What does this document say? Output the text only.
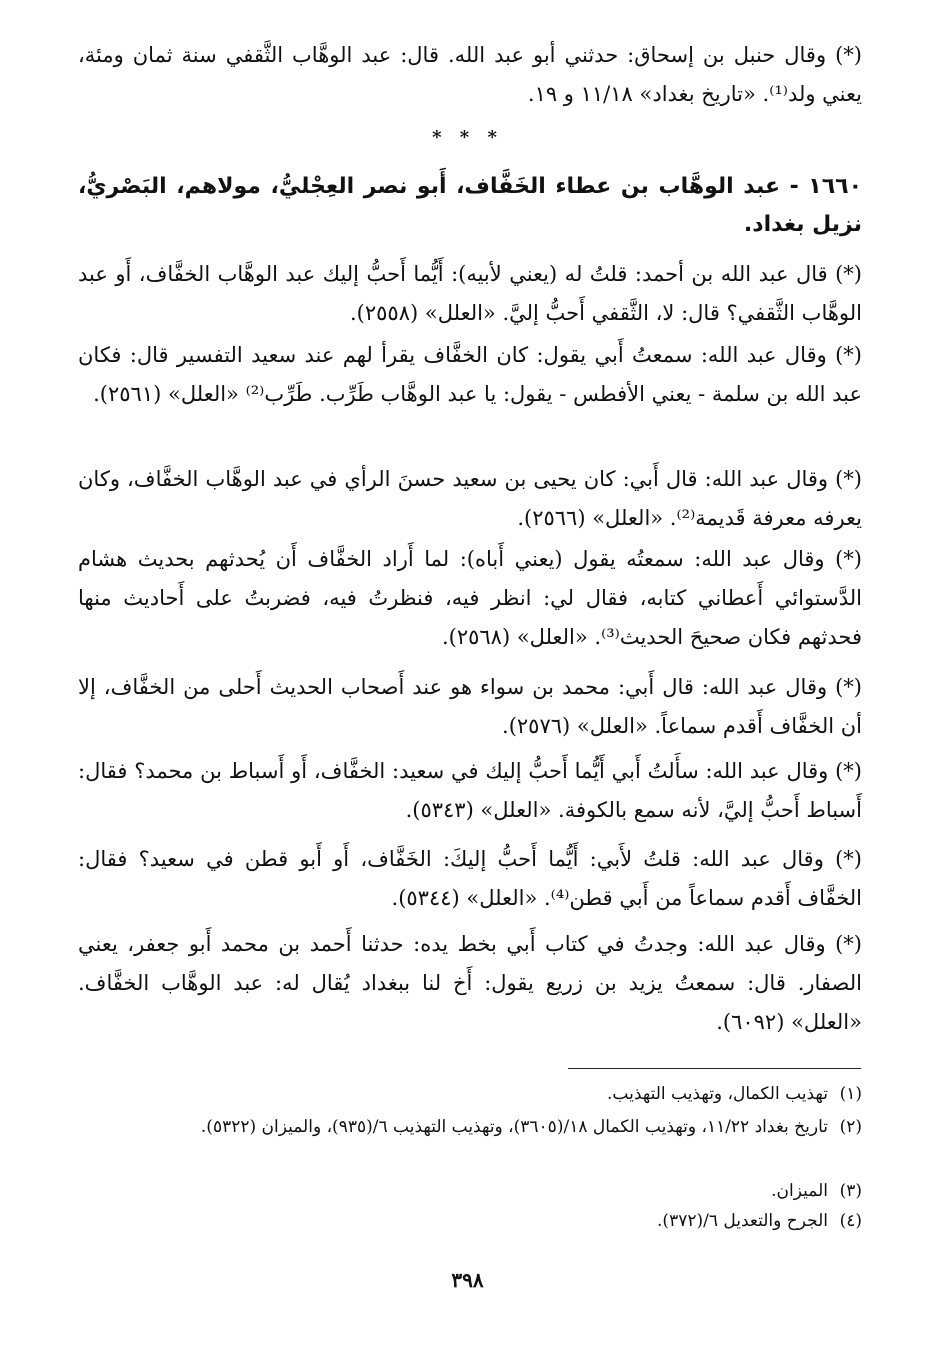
(*) وقال حنبل بن إسحاق: حدثني أبو عبد الله. قال: عبد الوهَّاب الثَّقفي سنة ثمان ومئة، يعني ولد⁽¹⁾. «تاريخ بغداد» ١١/١٨ و ١٩.
* * *
١٦٦٠ - عبد الوهَّاب بن عطاء الخَفَّاف، أَبو نصر العِجْليُّ، مولاهم، البَصْريُّ، نزيل بغداد.
(*) قال عبد الله بن أحمد: قلتُ له (يعني لأبيه): أَيُّما أَحبُّ إليك عبد الوهَّاب الخفَّاف، أَو عبد الوهَّاب الثَّقفي؟ قال: لا، الثَّقفي أَحبُّ إليَّ. «العلل» (٢٥٥٨).
(*) وقال عبد الله: سمعتُ أَبي يقول: كان الخفَّاف يقرأ لهم عند سعيد التفسير قال: فكان عبد الله بن سلمة - يعني الأفطس - يقول: يا عبد الوهَّاب طَرِّب. طَرِّب⁽²⁾ «العلل» (٢٥٦١).
(*) وقال عبد الله: قال أَبي: كان يحيى بن سعيد حسنَ الرأي في عبد الوهَّاب الخفَّاف، وكان يعرفه معرفة قَديمة⁽²⁾. «العلل» (٢٥٦٦).
(*) وقال عبد الله: سمعتُه يقول (يعني أَباه): لما أَراد الخفَّاف أَن يُحدثهم بحديث هشام الدَّستوائي أَعطاني كتابه، فقال لي: انظر فيه، فنظرتُ فيه، فضربتُ على أَحاديث منها فحدثهم فكان صحيحَ الحديث⁽³⁾. «العلل» (٢٥٦٨).
(*) وقال عبد الله: قال أَبي: محمد بن سواء هو عند أَصحاب الحديث أَحلى من الخفَّاف، إلا أن الخفَّاف أَقدم سماعاً. «العلل» (٢٥٧٦).
(*) وقال عبد الله: سأَلتُ أَبي أَيُّما أَحبُّ إليك في سعيد: الخفَّاف، أَو أَسباط بن محمد؟ فقال: أَسباط أَحبُّ إليَّ، لأنه سمع بالكوفة. «العلل» (٥٣٤٣).
(*) وقال عبد الله: قلتُ لأَبي: أَيُّما أَحبُّ إليكَ: الخَفَّاف، أَو أَبو قطن في سعيد؟ فقال: الخفَّاف أَقدم سماعاً من أَبي قطن⁽⁴⁾. «العلل» (٥٣٤٤).
(*) وقال عبد الله: وجدتُ في كتاب أَبي بخط يده: حدثنا أَحمد بن محمد أَبو جعفر، يعني الصفار. قال: سمعتُ يزيد بن زريع يقول: أَخ لنا ببغداد يُقال له: عبد الوهَّاب الخفَّاف. «العلل» (٦٠٩٢).
(١)
تهذيب الكمال، وتهذيب التهذيب.
(٢)
تاريخ بغداد ١١/٢٢، وتهذيب الكمال ١٨/(٣٦٠٥)، وتهذيب التهذيب ٦/(٩٣٥)، والميزان (٥٣٢٢).
(٣)
الميزان.
(٤)
الجرح والتعديل ٦/(٣٧٢).
٣٩٨
